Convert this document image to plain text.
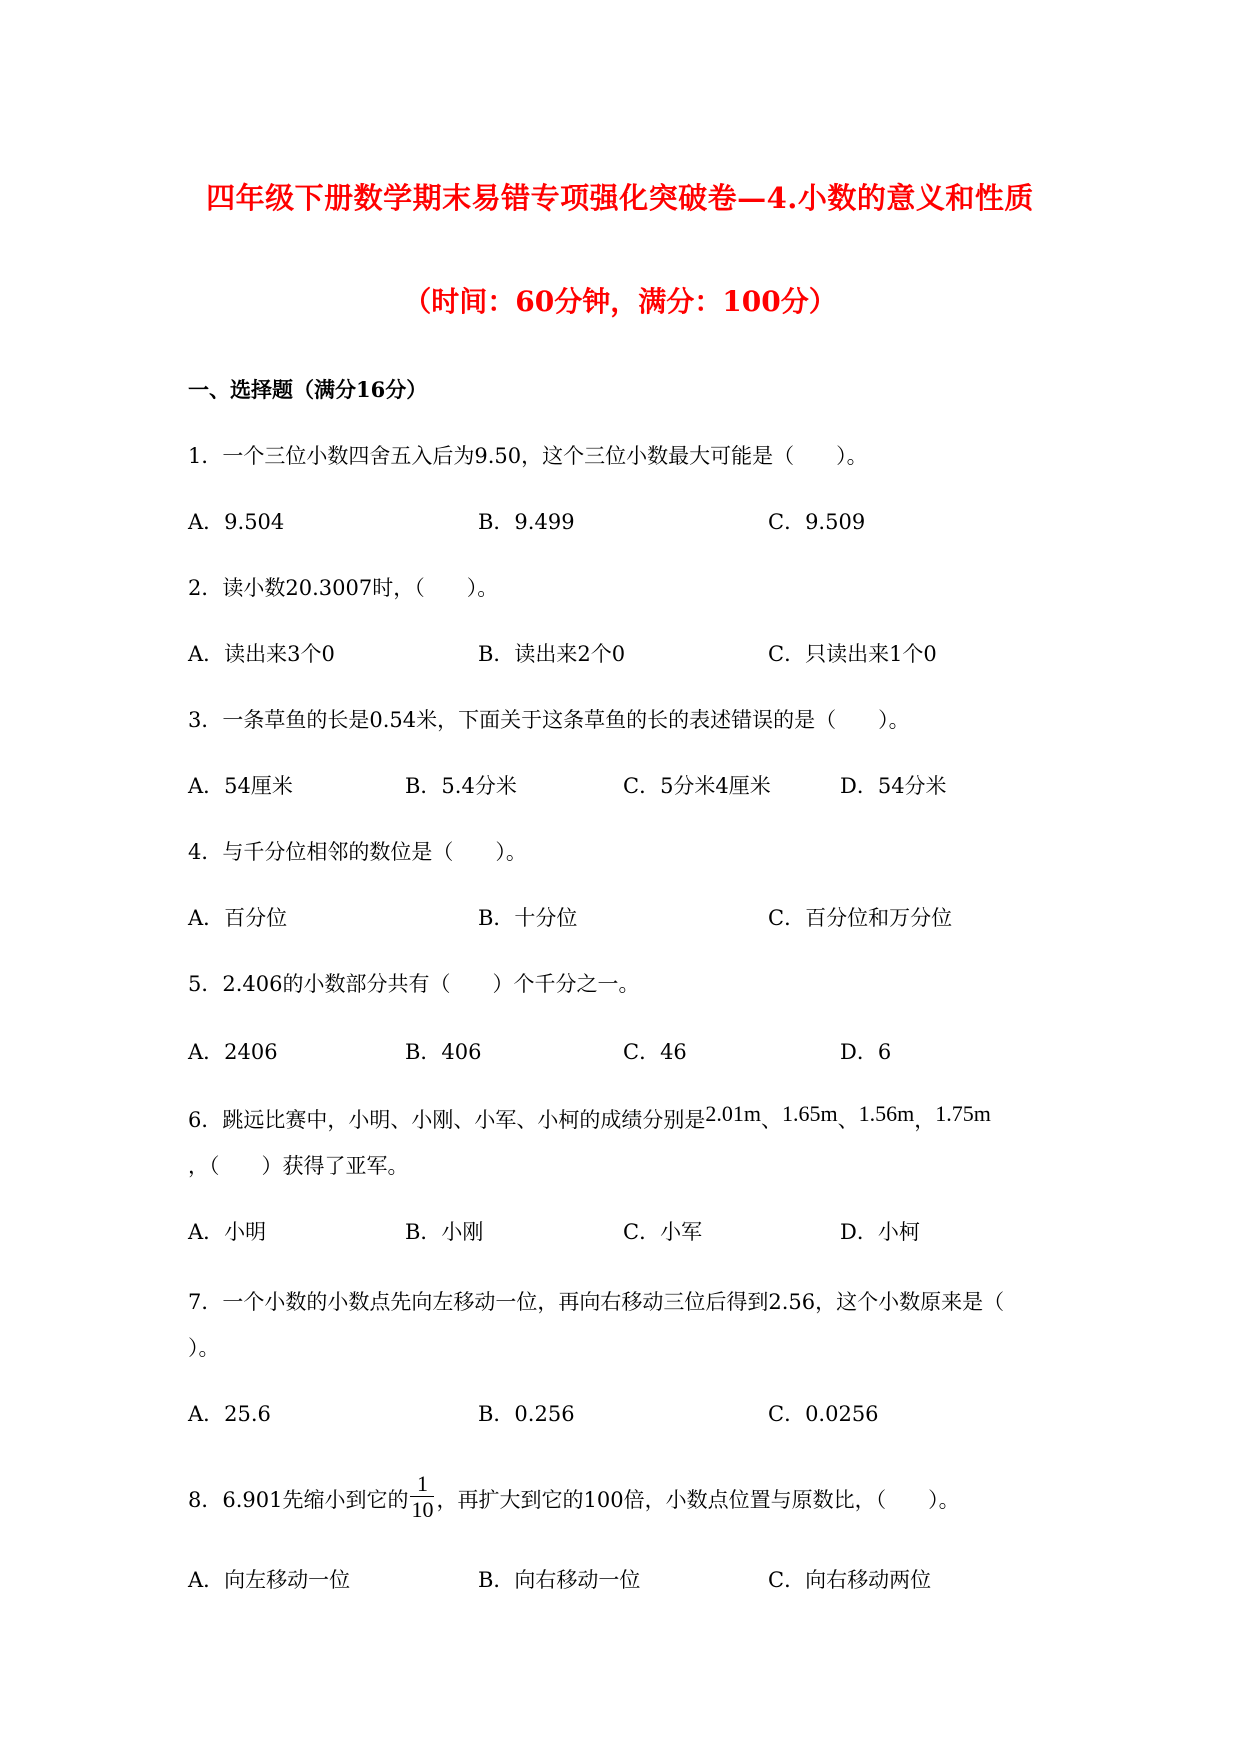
四年级下册数学期末易错专项强化突破卷—4.小数的意义和性质
（时间：60分钟，满分：100分）
一、选择题（满分16分）
1．一个三位小数四舍五入后为9.50，这个三位小数最大可能是（　　）。
A．9.504	B．9.499	C．9.509
2．读小数20.3007时，（　　）。
A．读出来3个0	B．读出来2个0	C．只读出来1个0
3．一条草鱼的长是0.54米，下面关于这条草鱼的长的表述错误的是（　　）。
A．54厘米	B．5.4分米	C．5分米4厘米	D．54分米
4．与千分位相邻的数位是（　　）。
A．百分位	B．十分位	C．百分位和万分位
5．2.406的小数部分共有（　　）个千分之一。
A．2406	B．406	C．46	D．6
6．跳远比赛中，小明、小刚、小军、小柯的成绩分别是2.01m、1.65m、1.56m，1.75m
，（　　）获得了亚军。
A．小明	B．小刚	C．小军	D．小柯
7．一个小数的小数点先向左移动一位，再向右移动三位后得到2.56，这个小数原来是（
）。
A．25.6	B．0.256	C．0.0256
8．6.901先缩小到它的 $\frac{1}{10}$ ，再扩大到它的100倍，小数点位置与原数比，（　　）。
A．向左移动一位	B．向右移动一位	C．向右移动两位
